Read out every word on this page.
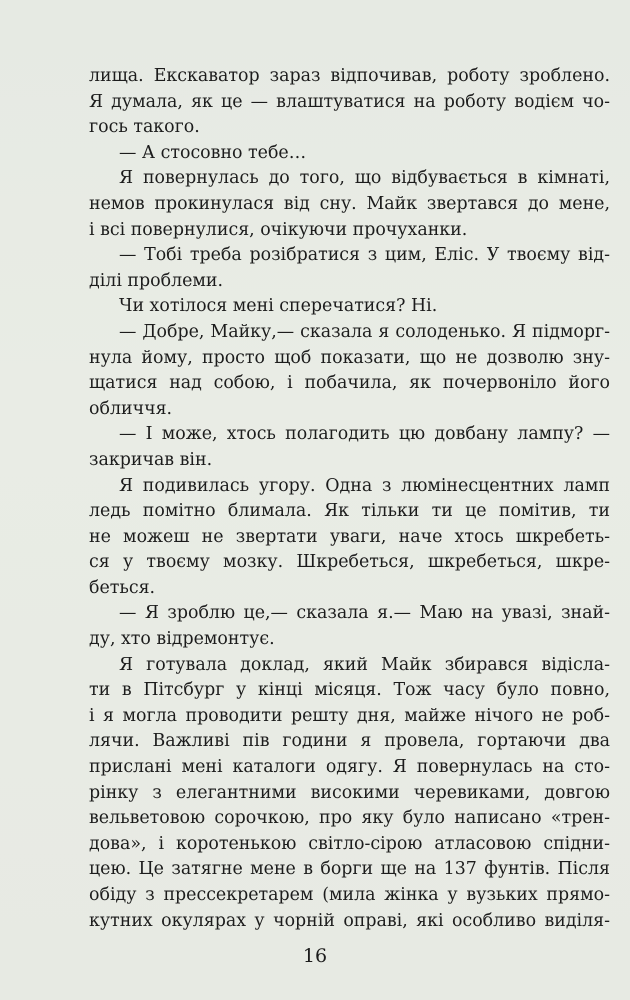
лища. Екскаватор зараз відпочивав, роботу зроблено.
Я думала, як це — влаштуватися на роботу водієм чо-
гось такого.
— А стосовно тебе…
Я повернулась до того, що відбувається в кімнаті,
немов прокинулася від сну. Майк звертався до мене,
і всі повернулися, очікуючи прочуханки.
— Тобі треба розібратися з цим, Еліс. У твоєму від-
ділі проблеми.
Чи хотілося мені сперечатися? Ні.
— Добре, Майку,— сказала я солоденько. Я підморг-
нула йому, просто щоб показати, що не дозволю зну-
щатися над собою, і побачила, як почервоніло його
обличчя.
— І може, хтось полагодить цю довбану лампу? —
закричав він.
Я подивилась угору. Одна з люмінесцентних ламп
ледь помітно блимала. Як тільки ти це помітив, ти
не можеш не звертати уваги, наче хтось шкребеть-
ся у твоєму мозку. Шкребеться, шкребеться, шкре-
беться.
— Я зроблю це,— сказала я.— Маю на увазі, знай-
ду, хто відремонтує.
Я готувала доклад, який Майк збирався відісла-
ти в Пітсбург у кінці місяця. Тож часу було повно,
і я могла проводити решту дня, майже нічого не роб-
лячи. Важливі пів години я провела, гортаючи два
прислані мені каталоги одягу. Я повернулась на сто-
рінку з елегантними високими черевиками, довгою
вельветовою сорочкою, про яку було написано «трен-
дова», і коротенькою світло-сірою атласовою спідни-
цею. Це затягне мене в борги ще на 137 фунтів. Після
обіду з прессекретарем (мила жінка у вузьких прямо-
кутних окулярах у чорній оправі, які особливо виділя-
16
